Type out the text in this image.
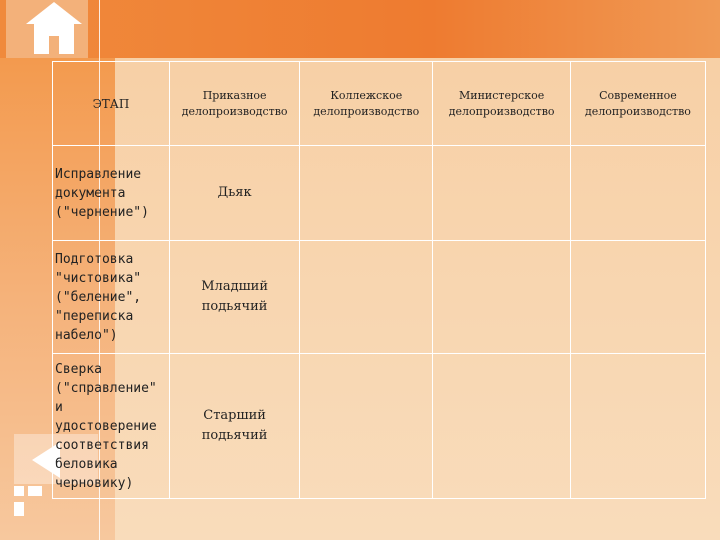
ЭТАП	Приказное делопроизводство	Коллежское делопроизводство	Министерское делопроизводство	Современное делопроизводство
Исправление документа ("чернение")	Дьяк			
Подготовка "чистовика" ("беление", "переписка набело")	Младший подьячий			
Сверка ("справление" и удостоверение соответствия беловика черновику)	Старший подьячий			
